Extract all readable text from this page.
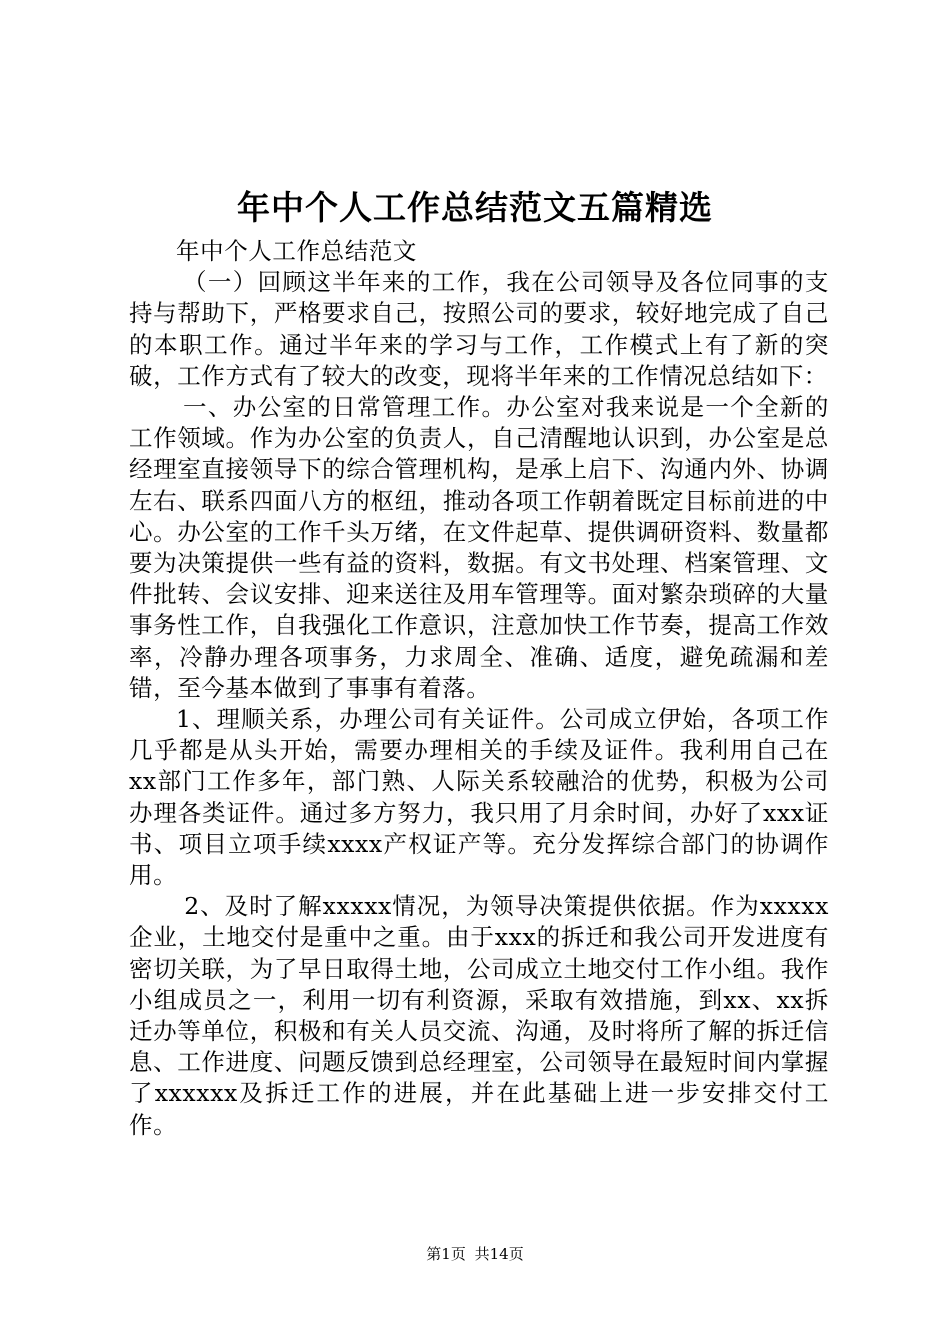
年中个人工作总结范文五篇精选

年中个人工作总结范文

（一）回顾这半年来的工作，我在公司领导及各位同事的支持与帮助下，严格要求自己，按照公司的要求，较好地完成了自己的本职工作。通过半年来的学习与工作，工作模式上有了新的突破，工作方式有了较大的改变，现将半年来的工作情况总结如下：

一、办公室的日常管理工作。办公室对我来说是一个全新的工作领域。作为办公室的负责人，自己清醒地认识到，办公室是总经理室直接领导下的综合管理机构，是承上启下、沟通内外、协调左右、联系四面八方的枢纽，推动各项工作朝着既定目标前进的中心。办公室的工作千头万绪，在文件起草、提供调研资料、数量都要为决策提供一些有益的资料，数据。有文书处理、档案管理、文件批转、会议安排、迎来送往及用车管理等。面对繁杂琐碎的大量事务性工作，自我强化工作意识，注意加快工作节奏，提高工作效率，冷静办理各项事务，力求周全、准确、适度，避免疏漏和差错，至今基本做到了事事有着落。

1、理顺关系，办理公司有关证件。公司成立伊始，各项工作几乎都是从头开始，需要办理相关的手续及证件。我利用自己在xx部门工作多年，部门熟、人际关系较融洽的优势，积极为公司办理各类证件。通过多方努力，我只用了月余时间，办好了xxx证书、项目立项手续xxxx产权证产等。充分发挥综合部门的协调作用。

2、及时了解xxxxx情况，为领导决策提供依据。作为xxxxx企业，土地交付是重中之重。由于xxx的拆迁和我公司开发进度有密切关联，为了早日取得土地，公司成立土地交付工作小组。我作小组成员之一，利用一切有利资源，采取有效措施，到xx、xx拆迁办等单位，积极和有关人员交流、沟通，及时将所了解的拆迁信息、工作进度、问题反馈到总经理室，公司领导在最短时间内掌握了xxxxxx及拆迁工作的进展，并在此基础上进一步安排交付工作。

第1页 共14页
